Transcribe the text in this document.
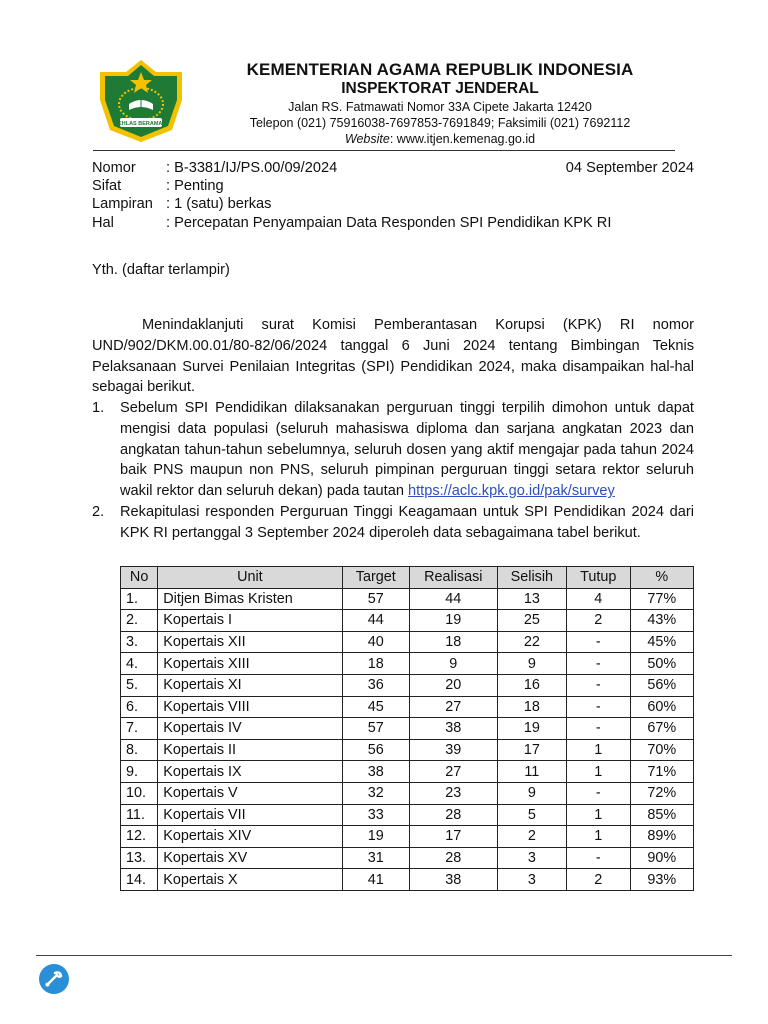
IKHLAS BERAMAL
KEMENTERIAN AGAMA REPUBLIK INDONESIA
INSPEKTORAT JENDERAL
Jalan RS. Fatmawati Nomor 33A Cipete Jakarta 12420
Telepon (021) 75916038-7697853-7691849; Faksimili (021) 7692112
Website: www.itjen.kemenag.go.id
04 September 2024
Nomor	: B-3381/IJ/PS.00/09/2024
Sifat	: Penting
Lampiran : 1 (satu) berkas
Hal	: Percepatan Penyampaian Data Responden SPI Pendidikan KPK RI
Yth. (daftar terlampir)
Menindaklanjuti surat Komisi Pemberantasan Korupsi (KPK) RI nomor UND/902/DKM.00.01/80-82/06/2024 tanggal 6 Juni 2024 tentang Bimbingan Teknis Pelaksanaan Survei Penilaian Integritas (SPI) Pendidikan 2024, maka disampaikan hal-hal sebagai berikut.
1.	Sebelum SPI Pendidikan dilaksanakan perguruan tinggi terpilih dimohon untuk dapat mengisi data populasi (seluruh mahasiswa diploma dan sarjana angkatan 2023 dan angkatan tahun-tahun sebelumnya, seluruh dosen yang aktif mengajar pada tahun 2024 baik PNS maupun non PNS, seluruh pimpinan perguruan tinggi setara rektor seluruh wakil rektor dan seluruh dekan) pada tautan https://aclc.kpk.go.id/pak/survey
2.	Rekapitulasi responden Perguruan Tinggi Keagamaan untuk SPI Pendidikan 2024 dari KPK RI pertanggal 3 September 2024 diperoleh data sebagaimana tabel berikut.
No	Unit	Target	Realisasi	Selisih	Tutup	%
1.	Ditjen Bimas Kristen	57	44	13	4	77%
2.	Kopertais I	44	19	25	2	43%
3.	Kopertais XII	40	18	22	-	45%
4.	Kopertais XIII	18	9	9	-	50%
5.	Kopertais XI	36	20	16	-	56%
6.	Kopertais VIII	45	27	18	-	60%
7.	Kopertais IV	57	38	19	-	67%
8.	Kopertais II	56	39	17	1	70%
9.	Kopertais IX	38	27	11	1	71%
10.	Kopertais V	32	23	9	-	72%
11.	Kopertais VII	33	28	5	1	85%
12.	Kopertais XIV	19	17	2	1	89%
13.	Kopertais XV	31	28	3	-	90%
14.	Kopertais X	41	38	3	2	93%
